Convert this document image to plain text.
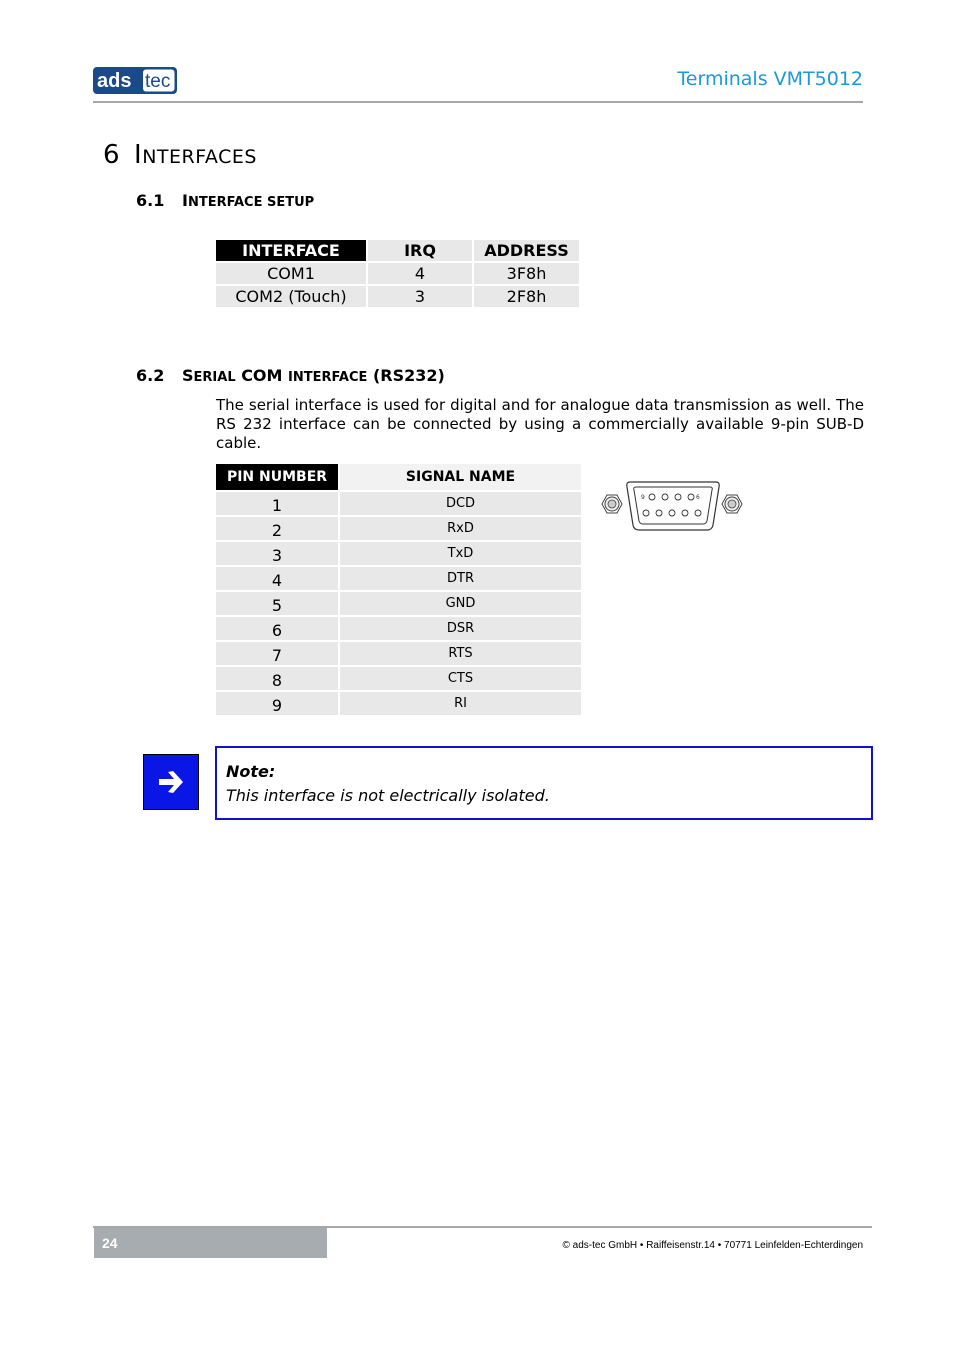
ads tec	Terminals VMT5012
6 INTERFACES
6.1 INTERFACE SETUP
INTERFACE	IRQ	ADDRESS
COM1	4	3F8h
COM2 (Touch)	3	2F8h
6.2 SERIAL COM INTERFACE (RS232)
The serial interface is used for digital and for analogue data transmission as well. The RS 232 interface can be connected by using a commercially available 9-pin SUB-D cable.
PIN NUMBER	SIGNAL NAME
1	DCD
2	RxD
3	TxD
4	DTR
5	GND
6	DSR
7	RTS
8	CTS
9	RI
9	6
Note:
This interface is not electrically isolated.
24	© ads-tec GmbH • Raiffeisenstr.14 • 70771 Leinfelden-Echterdingen
